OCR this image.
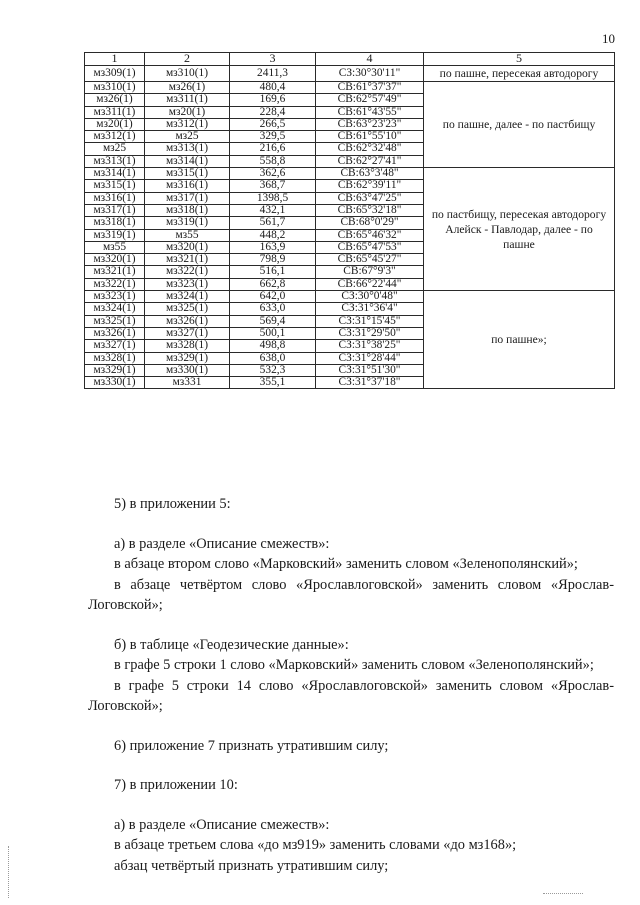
10
1	2	3	4	5
мз309(1)	мз310(1)	2411,3	СЗ:30°30'11"	по пашне, пересекая автодорогу
мз310(1)	мз26(1)	480,4	СВ:61°37'37"	по пашне, далее - по пастбищу
мз26(1)	мз311(1)	169,6	СВ:62°57'49"	
мз311(1)	мз20(1)	228,4	СВ:61°43'55"	
мз20(1)	мз312(1)	266,5	СВ:63°23'23"	
мз312(1)	мз25	329,5	СВ:61°55'10"	
мз25	мз313(1)	216,6	СВ:62°32'48"	
мз313(1)	мз314(1)	558,8	СВ:62°27'41"	
мз314(1)	мз315(1)	362,6	СВ:63°3'48"	по пастбищу, пересекая автодорогу Алейск - Павлодар, далее - по пашне
мз315(1)	мз316(1)	368,7	СВ:62°39'11"	
мз316(1)	мз317(1)	1398,5	СВ:63°47'25"	
мз317(1)	мз318(1)	432,1	СВ:65°32'18"	
мз318(1)	мз319(1)	561,7	СВ:68°0'29"	
мз319(1)	мз55	448,2	СВ:65°46'32"	
мз55	мз320(1)	163,9	СВ:65°47'53"	
мз320(1)	мз321(1)	798,9	СВ:65°45'27"	
мз321(1)	мз322(1)	516,1	СВ:67°9'3"	
мз322(1)	мз323(1)	662,8	СВ:66°22'44"	
мз323(1)	мз324(1)	642,0	СЗ:30°0'48"	по пашне»;
мз324(1)	мз325(1)	633,0	СЗ:31°36'4"	
мз325(1)	мз326(1)	569,4	СЗ:31°15'45"	
мз326(1)	мз327(1)	500,1	СЗ:31°29'50"	
мз327(1)	мз328(1)	498,8	СЗ:31°38'25"	
мз328(1)	мз329(1)	638,0	СЗ:31°28'44"	
мз329(1)	мз330(1)	532,3	СЗ:31°51'30"	
мз330(1)	мз331	355,1	СЗ:31°37'18"	

5) в приложении 5:

а) в разделе «Описание смежеств»:

в абзаце втором слово «Марковский» заменить словом «Зеленополянский»;

в абзаце четвёртом слово «Ярославлоговской» заменить словом «Ярослав-Логовской»;

б) в таблице «Геодезические данные»:

в графе 5 строки 1 слово «Марковский» заменить словом «Зеленополянский»;

в графе 5 строки 14 слово «Ярославлоговской» заменить словом «Ярослав-Логовской»;

6) приложение 7 признать утратившим силу;

7) в приложении 10:

а) в разделе «Описание смежеств»:

в абзаце третьем слова «до мз919» заменить словами «до мз168»;

абзац четвёртый признать утратившим силу;
